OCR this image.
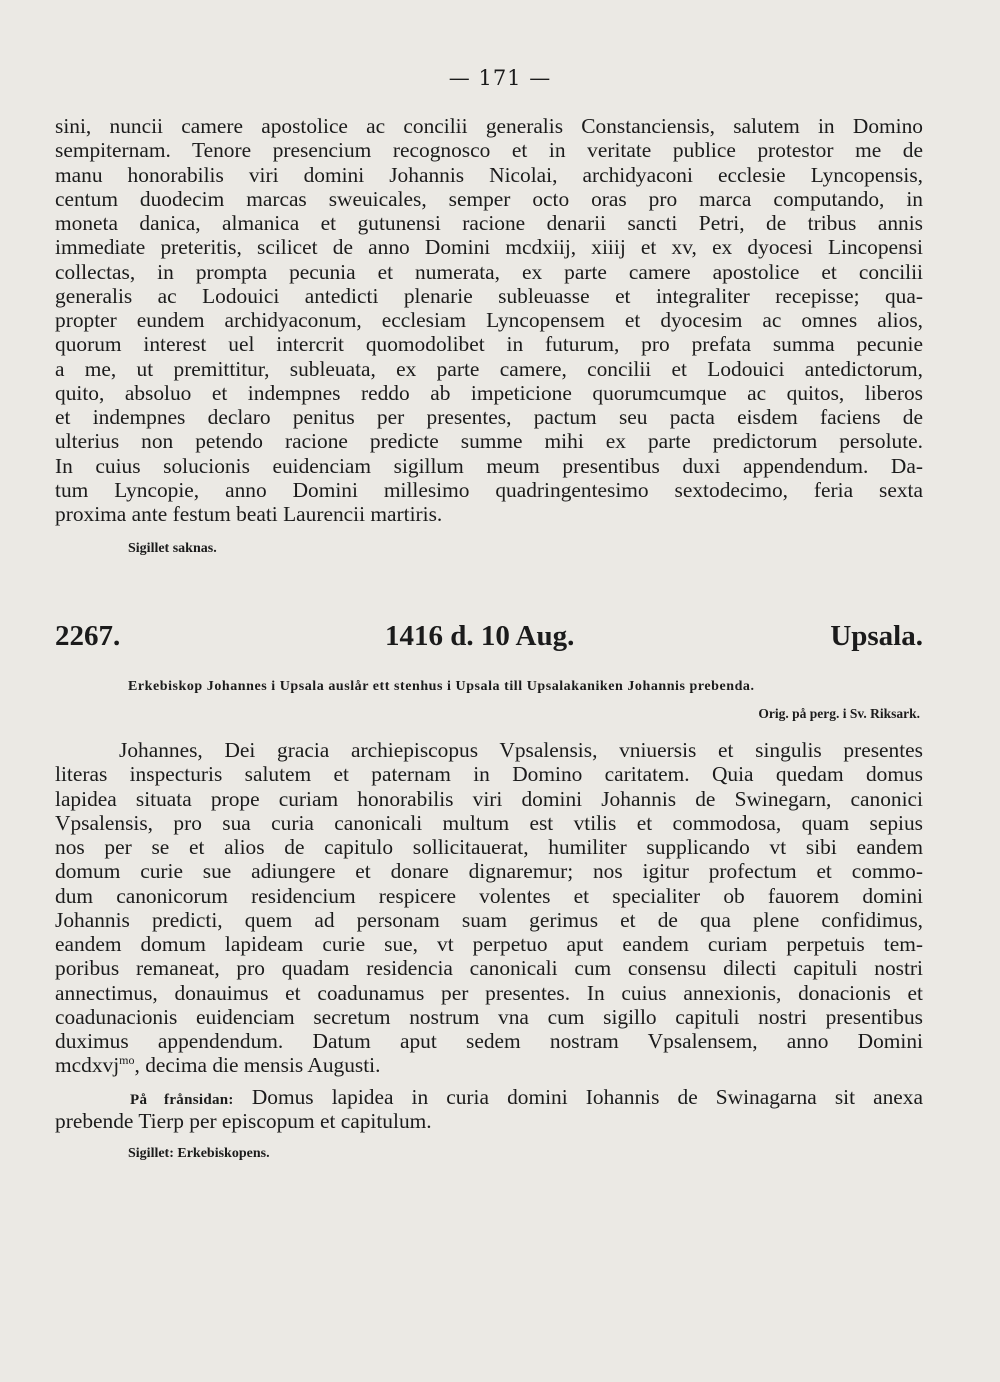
— 171 —
sini, nuncii camere apostolice ac concilii generalis Constanciensis, salutem in Domino
sempiternam. Tenore presencium recognosco et in veritate publice protestor me de
manu honorabilis viri domini Johannis Nicolai, archidyaconi ecclesie Lyncopensis,
centum duodecim marcas sweuicales, semper octo oras pro marca computando, in
moneta danica, almanica et gutunensi racione denarii sancti Petri, de tribus annis
immediate preteritis, scilicet de anno Domini mcdxiij, xiiij et xv, ex dyocesi Lincopensi
collectas, in prompta pecunia et numerata, ex parte camere apostolice et concilii
generalis ac Lodouici antedicti plenarie subleuasse et integraliter recepisse; qua-
propter eundem archidyaconum, ecclesiam Lyncopensem et dyocesim ac omnes alios,
quorum interest uel intercrit quomodolibet in futurum, pro prefata summa pecunie
a me, ut premittitur, subleuata, ex parte camere, concilii et Lodouici antedictorum,
quito, absoluo et indempnes reddo ab impeticione quorumcumque ac quitos, liberos
et indempnes declaro penitus per presentes, pactum seu pacta eisdem faciens de
ulterius non petendo racione predicte summe mihi ex parte predictorum persolute.
In cuius solucionis euidenciam sigillum meum presentibus duxi appendendum. Da-
tum Lyncopie, anno Domini millesimo quadringentesimo sextodecimo, feria sexta
proxima ante festum beati Laurencii martiris.
Sigillet saknas.
2267.	1416 d. 10 Aug.	Upsala.
Erkebiskop Johannes i Upsala auslår ett stenhus i Upsala till Upsalakaniken Johannis prebenda.
Orig. på perg. i Sv. Riksark.
Johannes, Dei gracia archiepiscopus Vpsalensis, vniuersis et singulis presentes
literas inspecturis salutem et paternam in Domino caritatem. Quia quedam domus
lapidea situata prope curiam honorabilis viri domini Johannis de Swinegarn, canonici
Vpsalensis, pro sua curia canonicali multum est vtilis et commodosa, quam sepius
nos per se et alios de capitulo sollicitauerat, humiliter supplicando vt sibi eandem
domum curie sue adiungere et donare dignaremur; nos igitur profectum et commo-
dum canonicorum residencium respicere volentes et specialiter ob fauorem domini
Johannis predicti, quem ad personam suam gerimus et de qua plene confidimus,
eandem domum lapideam curie sue, vt perpetuo aput eandem curiam perpetuis tem-
poribus remaneat, pro quadam residencia canonicali cum consensu dilecti capituli nostri
annectimus, donauimus et coadunamus per presentes. In cuius annexionis, donacionis et
coadunacionis euidenciam secretum nostrum vna cum sigillo capituli nostri presentibus
duximus appendendum. Datum aput sedem nostram Vpsalensem, anno Domini
mcdxvj$^{mo}$, decima die mensis Augusti.
På frånsidan: Domus lapidea in curia domini Iohannis de Swinagarna sit anexa
prebende Tierp per episcopum et capitulum.
Sigillet: Erkebiskopens.
